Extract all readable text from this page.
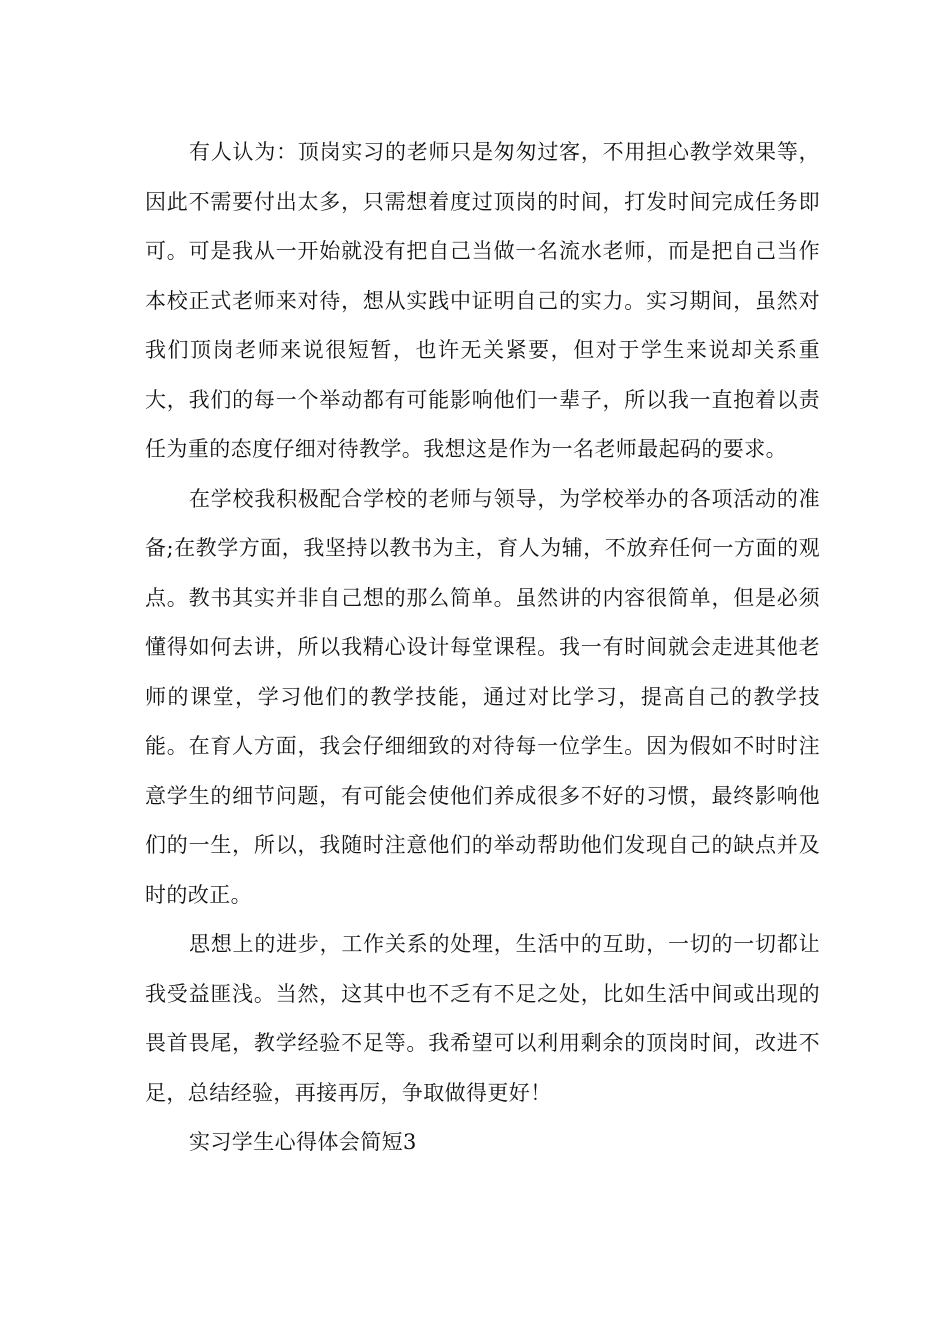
有人认为：顶岗实习的老师只是匆匆过客，不用担心教学效果等，因此不需要付出太多，只需想着度过顶岗的时间，打发时间完成任务即可。可是我从一开始就没有把自己当做一名流水老师，而是把自己当作本校正式老师来对待，想从实践中证明自己的实力。实习期间，虽然对我们顶岗老师来说很短暂，也许无关紧要，但对于学生来说却关系重大，我们的每一个举动都有可能影响他们一辈子，所以我一直抱着以责任为重的态度仔细对待教学。我想这是作为一名老师最起码的要求。

在学校我积极配合学校的老师与领导，为学校举办的各项活动的准备;在教学方面，我坚持以教书为主，育人为辅，不放弃任何一方面的观点。教书其实并非自己想的那么简单。虽然讲的内容很简单，但是必须懂得如何去讲，所以我精心设计每堂课程。我一有时间就会走进其他老师的课堂，学习他们的教学技能，通过对比学习，提高自己的教学技能。在育人方面，我会仔细细致的对待每一位学生。因为假如不时时注意学生的细节问题，有可能会使他们养成很多不好的习惯，最终影响他们的一生，所以，我随时注意他们的举动帮助他们发现自己的缺点并及时的改正。

思想上的进步，工作关系的处理，生活中的互助，一切的一切都让我受益匪浅。当然，这其中也不乏有不足之处，比如生活中间或出现的畏首畏尾，教学经验不足等。我希望可以利用剩余的顶岗时间，改进不足，总结经验，再接再厉，争取做得更好！

实习学生心得体会简短3
